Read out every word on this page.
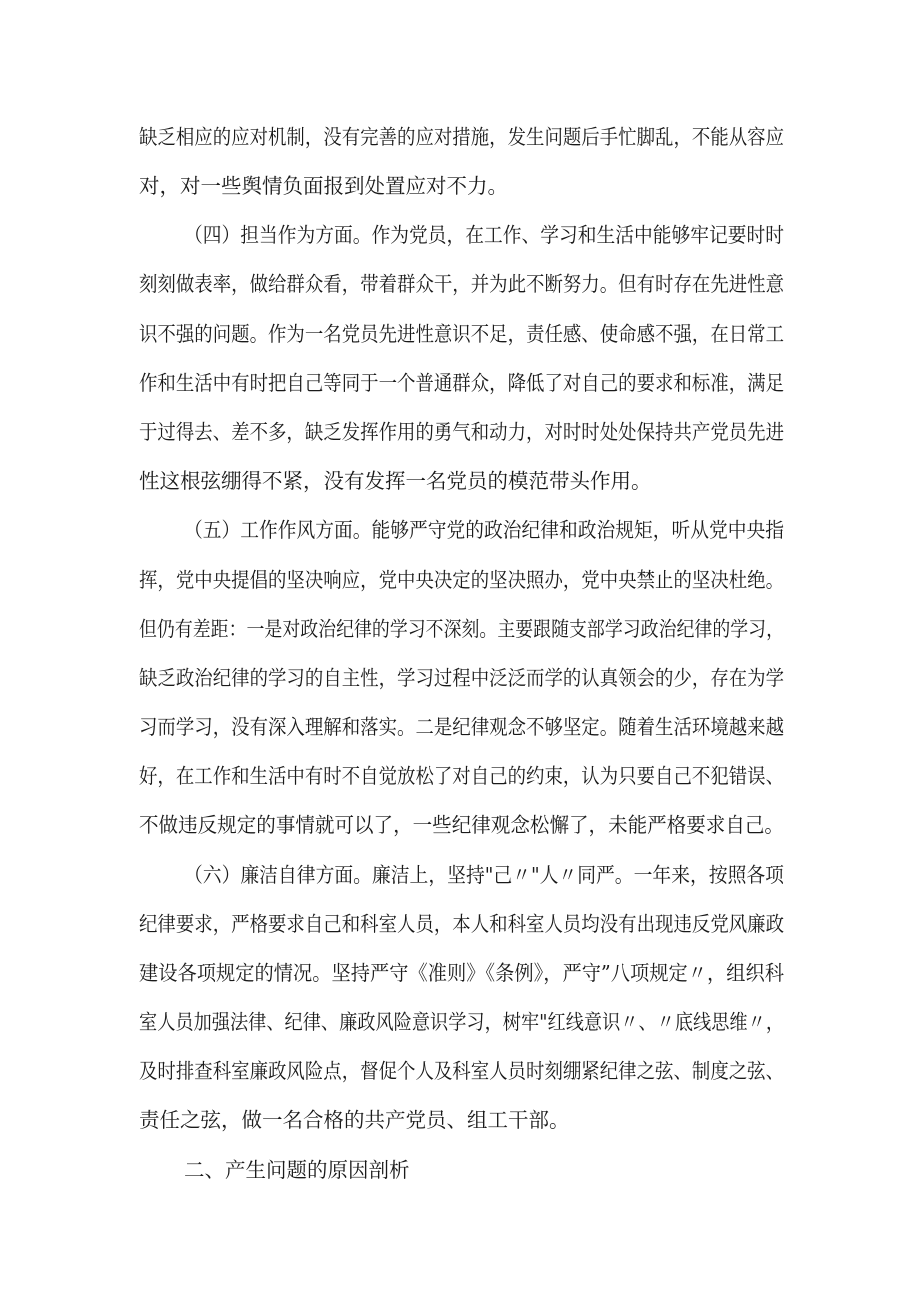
缺乏相应的应对机制，没有完善的应对措施，发生问题后手忙脚乱，不能从容应
对，对一些舆情负面报到处置应对不力。
（四）担当作为方面。作为党员，在工作、学习和生活中能够牢记要时时
刻刻做表率，做给群众看，带着群众干，并为此不断努力。但有时存在先进性意
识不强的问题。作为一名党员先进性意识不足，责任感、使命感不强，在日常工
作和生活中有时把自己等同于一个普通群众，降低了对自己的要求和标准，满足
于过得去、差不多，缺乏发挥作用的勇气和动力，对时时处处保持共产党员先进
性这根弦绷得不紧，没有发挥一名党员的模范带头作用。
（五）工作作风方面。能够严守党的政治纪律和政治规矩，听从党中央指
挥，党中央提倡的坚决响应，党中央决定的坚决照办，党中央禁止的坚决杜绝。
但仍有差距：一是对政治纪律的学习不深刻。主要跟随支部学习政治纪律的学习，
缺乏政治纪律的学习的自主性，学习过程中泛泛而学的认真领会的少，存在为学
习而学习，没有深入理解和落实。二是纪律观念不够坚定。随着生活环境越来越
好，在工作和生活中有时不自觉放松了对自己的约束，认为只要自己不犯错误、
不做违反规定的事情就可以了，一些纪律观念松懈了，未能严格要求自己。
（六）廉洁自律方面。廉洁上，坚持"己〃"人〃同严。一年来，按照各项
纪律要求，严格要求自己和科室人员，本人和科室人员均没有出现违反党风廉政
建设各项规定的情况。坚持严守《准则》《条例》，严守”八项规定〃，组织科
室人员加强法律、纪律、廉政风险意识学习，树牢"红线意识〃、〃底线思维〃，
及时排查科室廉政风险点，督促个人及科室人员时刻绷紧纪律之弦、制度之弦、
责任之弦，做一名合格的共产党员、组工干部。
二、产生问题的原因剖析
